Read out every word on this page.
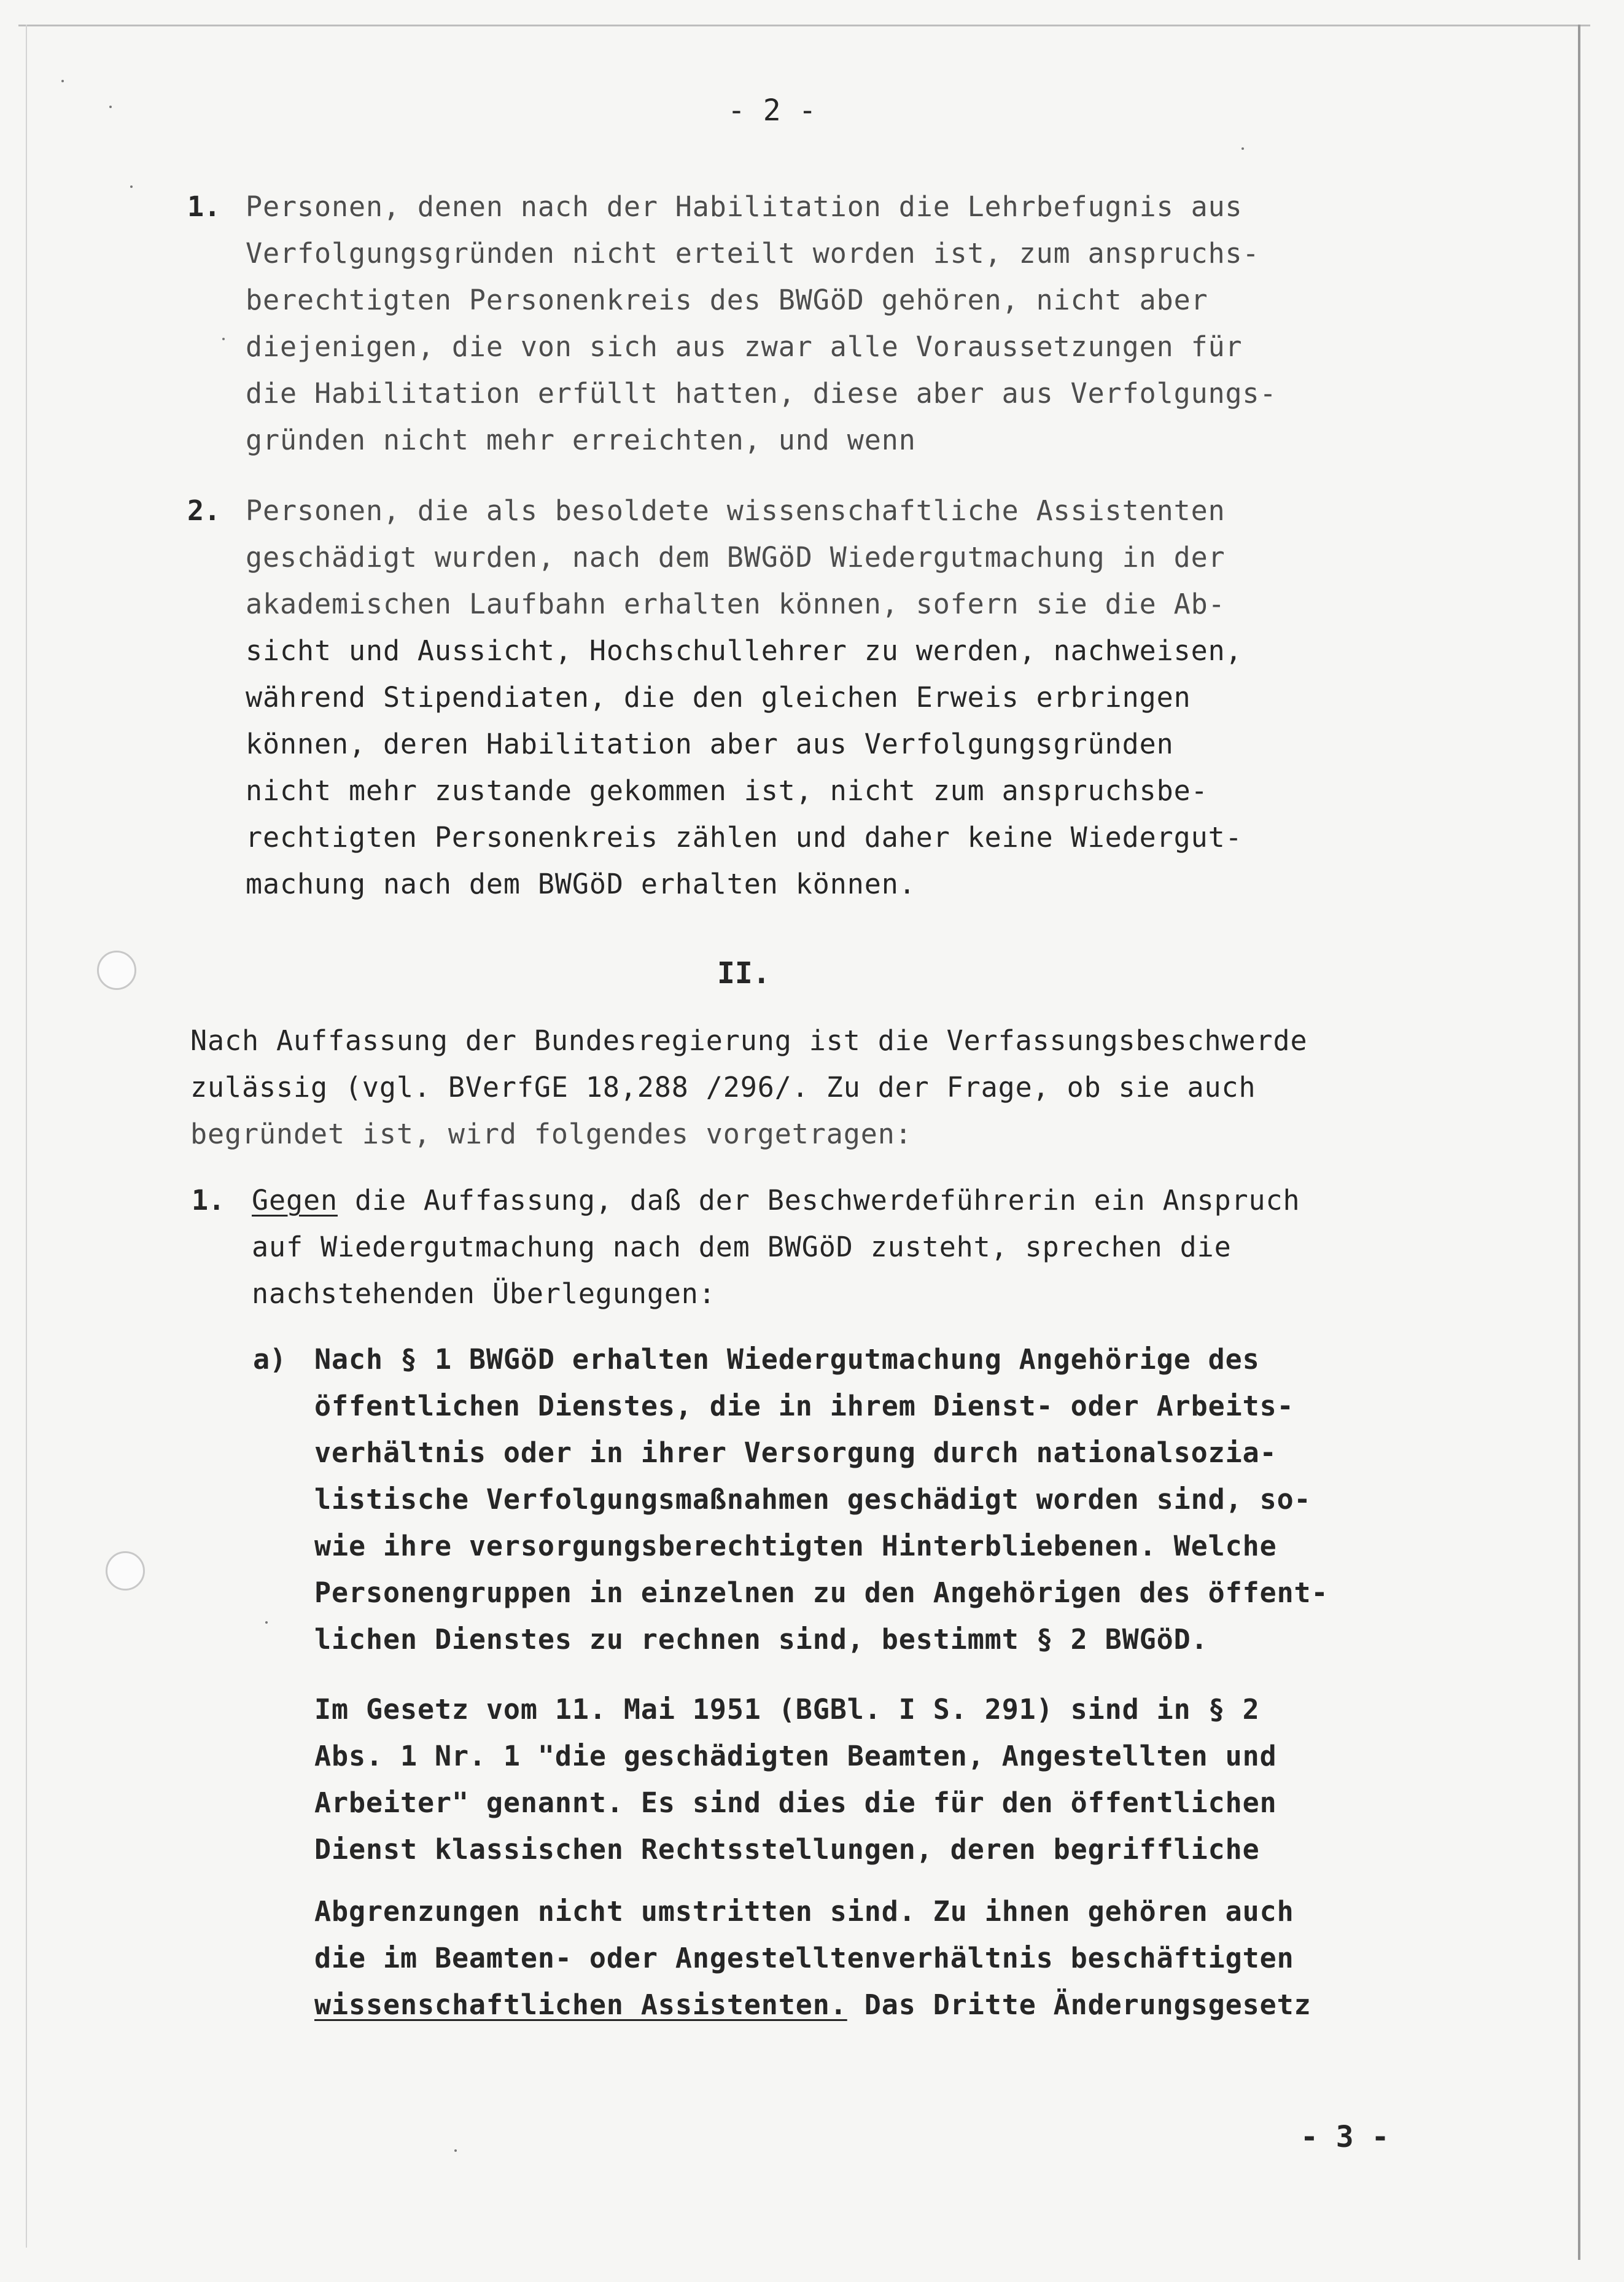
- 2 -
1. Personen, denen nach der Habilitation die Lehrbefugnis aus
Verfolgungsgründen nicht erteilt worden ist, zum anspruchs-
berechtigten Personenkreis des BWGöD gehören, nicht aber
diejenigen, die von sich aus zwar alle Voraussetzungen für
die Habilitation erfüllt hatten, diese aber aus Verfolgungs-
gründen nicht mehr erreichten, und wenn
2. Personen, die als besoldete wissenschaftliche Assistenten
geschädigt wurden, nach dem BWGöD Wiedergutmachung in der
akademischen Laufbahn erhalten können, sofern sie die Ab-
sicht und Aussicht, Hochschullehrer zu werden, nachweisen,
während Stipendiaten, die den gleichen Erweis erbringen
können, deren Habilitation aber aus Verfolgungsgründen
nicht mehr zustande gekommen ist, nicht zum anspruchsbe-
rechtigten Personenkreis zählen und daher keine Wiedergut-
machung nach dem BWGöD erhalten können.
II.
Nach Auffassung der Bundesregierung ist die Verfassungsbeschwerde
zulässig (vgl. BVerfGE 18,288 /296/. Zu der Frage, ob sie auch
begründet ist, wird folgendes vorgetragen:
1. Gegen die Auffassung, daß der Beschwerdeführerin ein Anspruch
auf Wiedergutmachung nach dem BWGöD zusteht, sprechen die
nachstehenden Überlegungen:
a) Nach § 1 BWGöD erhalten Wiedergutmachung Angehörige des
öffentlichen Dienstes, die in ihrem Dienst- oder Arbeits-
verhältnis oder in ihrer Versorgung durch nationalsozia-
listische Verfolgungsmaßnahmen geschädigt worden sind, so-
wie ihre versorgungsberechtigten Hinterbliebenen. Welche
Personengruppen in einzelnen zu den Angehörigen des öffent-
lichen Dienstes zu rechnen sind, bestimmt § 2 BWGöD.
Im Gesetz vom 11. Mai 1951 (BGBl. I S. 291) sind in § 2
Abs. 1 Nr. 1 "die geschädigten Beamten, Angestellten und
Arbeiter" genannt. Es sind dies die für den öffentlichen
Dienst klassischen Rechtsstellungen, deren begriffliche
Abgrenzungen nicht umstritten sind. Zu ihnen gehören auch
die im Beamten- oder Angestelltenverhältnis beschäftigten
wissenschaftlichen Assistenten. Das Dritte Änderungsgesetz
- 3 -
